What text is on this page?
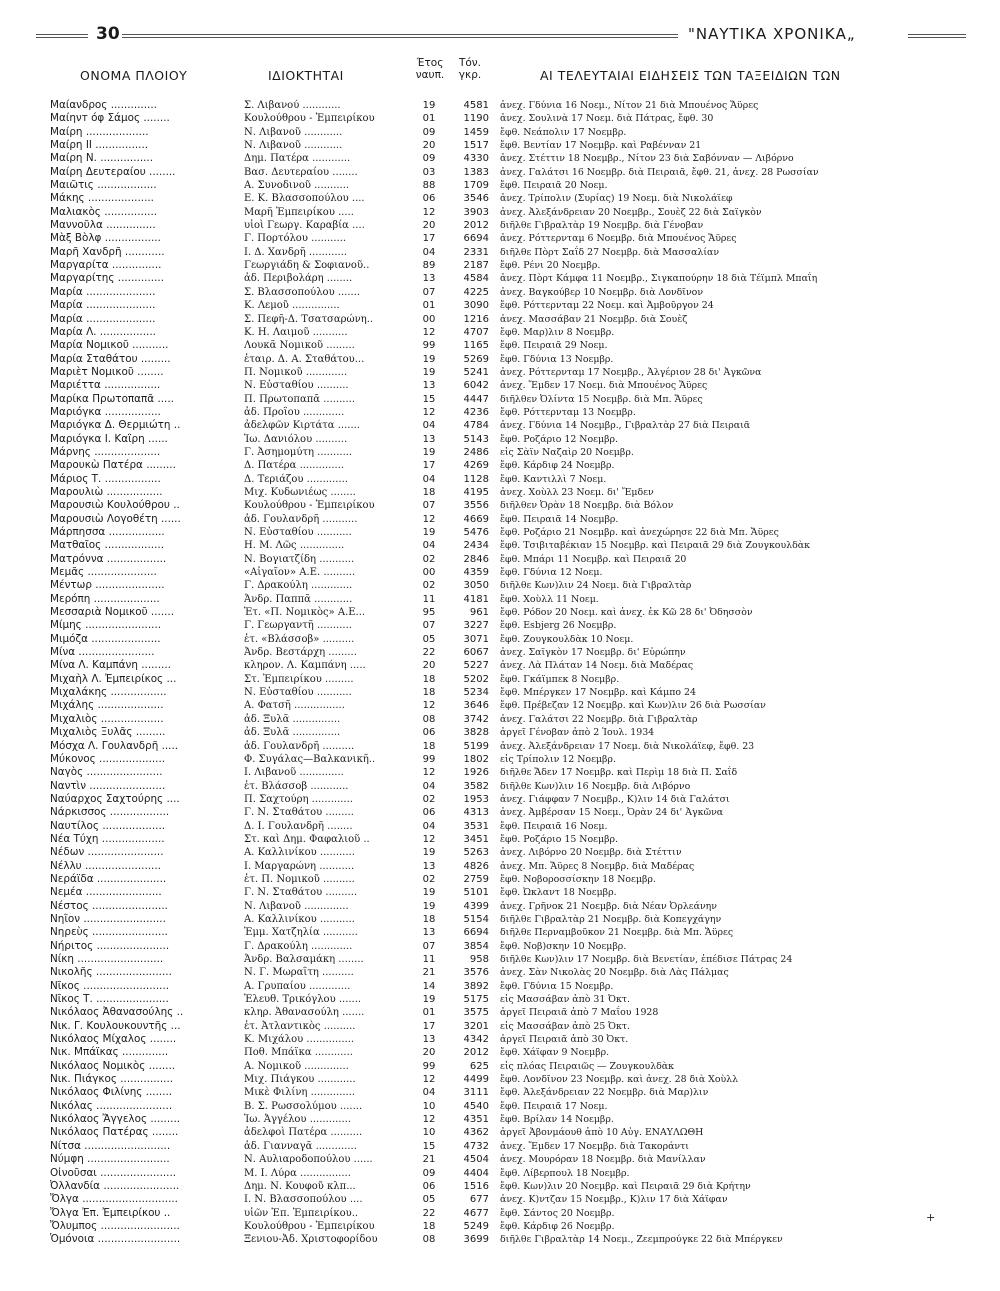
30	"ΝΑΥΤΙΚΑ ΧΡΟΝΙΚΑ„
ΟΝΟΜΑ ΠΛΟΙΟΥ	ΙΔΙΟΚΤΗΤΑΙ
Έτος
ναυπ.
Τόν.
γκρ.	ΑΙ ΤΕΛΕΥΤΑΙΑΙ ΕΙΔΗΣΕΙΣ ΤΩΝ ΤΑΞΕΙΔΙΩΝ ΤΩΝ
Μαίανδρος ..............	Σ. Λιβανού ............	19	4581 ἀνεχ. Γδύνια 16 Νοεμ., Νίτον 21 διὰ Μπουένος Ἄϋρες
Μαίηνт όφ Σάμος ........	Κουλούθρου - Ἐμπειρίκου	01	1190 ἀνεχ. Σουλινὰ 17 Νοεμ. διὰ Πάτρας, ἔφθ. 30
Μαίρη ...................	Ν. Λιβανοῦ ............	09	1459 ἔφθ. Νεάπολιν 17 Νοεμβρ.
Μαίρη ΙΙ ................	Ν. Λιβανοῦ ............	20	1517 ἔφθ. Βεντίαν 17 Νοεμβρ. καὶ Ραβένναν 21
Μαίρη Ν. ................	Δημ. Πατέρα ............	09	4330 ἀνεχ. Στέττιν 18 Νοεμβρ., Νίτον 23 διὰ Σαβόνναν — Λιβόρνο
Μαίρη Δευτεραίου ........	Βασ. Δευτεραίου ........	03	1383 ἀνεχ. Γαλάτσι 16 Νοεμβρ. διὰ Πειραιᾶ, ἔφθ. 21, ἀνεχ. 28 Ρωσσίαν
Μαιῶτις ..................	Α. Συνοδινοῦ ...........	88	1709 ἔφθ. Πειραιᾶ 20 Νοεμ.
Μάκης ....................	Ε. Κ. Βλασσοπούλου ....	06	3546 ἀνεχ. Τρίπολιν (Συρίας) 19 Νοεμ. διὰ Νικολάϊεφ
Μαλιακὸς ................	Μαρῆ Ἐμπειρίκου .....	12	3903 ἀνεχ. Ἀλεξάνδρειαν 20 Νοεμβρ., Σουὲζ 22 διὰ Σαϊγκὸν
Μαννοῦλα ...............	υἱοὶ Γεωργ. Καραβία ....	20	2012 διῆλθε Γιβραλτὰρ 19 Νοεμβρ. διὰ Γένοβαν
Μὰξ Βὸλφ .................	Γ. Πορτόλου ...........	17	6694 ἀνεχ. Ρόττερνταμ 6 Νοεμβρ. διὰ Μπουένος Ἄϋρες
Μαρῆ Χανδρῆ ............	Ι. Δ. Χανδρῆ ............	04	2331 διῆλθε Πὸρτ Σαΐδ 27 Νοεμβρ. διὰ Μασσαλίαν
Μαργαρίτα ...............	Γεωργιάδη & Σοφιανοῦ..	89	2187 ἔφθ. Ρένι 20 Νοεμβρ.
Μαργαρίτης ..............	ἀδ. Περιβολάρη ........	13	4584 ἀνεχ. Πὸρτ Κάμφα 11 Νοεμβρ., Σιγκαπούρην 18 διὰ Τέϊμπλ Μπαΐη
Μαρία .....................	Σ. Βλασσοπούλου .......	07	4225 ἀνεχ. Βαγκούβερ 10 Νοεμβρ. διὰ Λονδῖνον
Μαρία .....................	Κ. Λεμοῦ ...............	01	3090 ἔφθ. Ρόττερνταμ 22 Νοεμ. καὶ Ἀμβοῦργον 24
Μαρία .....................	Σ. Πεφῆ-Δ. Τσατσαρώνη..	00	1216 ἀνεχ. Μασσάβαν 21 Νοεμβρ. διὰ Σουὲζ
Μαρία Λ. .................	Κ. Η. Λαιμοῦ ...........	12	4707 ἔφθ. Μαρ)λιν 8 Νοεμβρ.
Μαρία Νομικοῦ ...........	Λουκᾶ Νομικοῦ .........	99	1165 ἔφθ. Πειραιᾶ 29 Νοεμ.
Μαρία Σταθάτου .........	ἑταιρ. Δ. Α. Σταθάτου...	19	5269 ἔφθ. Γδύνια 13 Νοεμβρ.
Μαριὲτ Νομικοῦ ........	Π. Νομικοῦ .............	19	5241 ἀνεχ. Ρόττερνταμ 17 Νοεμβρ., Ἀλγέριον 28 δι' Ἀγκῶνα
Μαριέττα .................	Ν. Εὐσταθίου ..........	13	6042 ἀνεχ. Ἔμδεν 17 Νοεμ. διὰ Μπουένος Ἄϋρες
Μαρίκα Πρωτοπαπᾶ .....	Π. Πρωτοπαπᾶ ..........	15	4447 διῆλθεν Ὀλίντα 15 Νοεμβρ. διὰ Μπ. Ἄϋρες
Μαριόγκα .................	ἀδ. Προΐου .............	12	4236 ἔφθ. Ρόττερνταμ 13 Νοεμβρ.
Μαριόγκα Δ. Θερμιώτη ..	ἀδελφῶν Κιρτάτα .......	04	4784 ἀνεχ. Γδύνια 14 Νοεμβρ., Γιβραλτὰρ 27 διὰ Πειραιᾶ
Μαριόγκα Ι. Καΐρη ......	Ἰω. Δανιόλου ..........	13	5143 ἔφθ. Ροζάριο 12 Νοεμβρ.
Μάρνης ....................	Γ. Ἀσημομύτη ...........	19	2486 εἰς Σὰϊν Ναζαὶρ 20 Νοεμβρ.
Μαρουκὼ Πατέρα .........	Δ. Πατέρα ..............	17	4269 ἔφθ. Κάρδιφ 24 Νοεμβρ.
Μάριος Τ. .................	Δ. Τεριάζου .............	04	1128 ἔφθ. Καντιλλὶ 7 Νοεμ.
Μαρουλιὼ .................	Μιχ. Κυδωνιέως ........	18	4195 ἀνεχ. Χοὺλλ 23 Νοεμ. δι' Ἔμδεν
Μαρουσιὼ Κουλούθρου ..	Κουλούθρου - Ἐμπειρίκου	07	3556 διῆλθεν Ὀρὰν 18 Νοεμβρ. διὰ Βόλον
Μαρουσιὼ Λογοθέτη ......	ἀδ. Γουλανδρῆ ...........	12	4669 ἔφθ. Πειραιᾶ 14 Νοεμβρ.
Μάρπησσα .................	Ν. Εὐσταθίου ...........	19	5476 ἔφθ. Ροζάριο 21 Νοεμβρ. καὶ ἀνεχώρησε 22 διὰ Μπ. Ἄϋρες
Ματθαῖος ..................	Η. Μ. Λῶς ..............	04	2434 ἔφθ. Τσιβιταβέκιαν 15 Νοεμβρ. καὶ Πειραιᾶ 29 διὰ Ζουγκουλδὰκ
Ματρόννα ..................	Ν. Βογιατζίδη ...........	02	2846 ἔφθ. Μπάρι 11 Νοεμβρ. καὶ Πειραιᾶ 20
Μεμᾶς .....................	«Αἰγαῖον» Α.Ε. ..........	00	4359 ἔφθ. Γδύνια 12 Νοεμ.
Μέντωρ .....................	Γ. Δρακούλη .............	02	3050 διῆλθε Κων)λιν 24 Νοεμ. διὰ Γιβραλτὰρ
Μερόπη ....................	Ἀνδρ. Παππᾶ ............	11	4181 ἔφθ. Χοὺλλ 11 Νοεμ.
Μεσσαριὰ Νομικοῦ .......	Ἑτ. «Π. Νομικὸς» Α.Ε...	95	961 ἔφθ. Ρόδον 20 Νοεμ. καὶ ἀνεχ. ἐκ Κῶ 28 δι' Ὀδησσὸν
Μίμης .......................	Γ. Γεωργαντῆ ...........	07	3227 ἔφθ. Esbjerg 26 Νοεμβρ.
Μιμόζα .....................	ἑτ. «Βλάσσοβ» ..........	05	3071 ἔφθ. Ζουγκουλδὰκ 10 Νοεμ.
Μίνα .......................	Ἀνδρ. Βεστάρχη .........	22	6067 ἀνεχ. Σαϊγκὸν 17 Νοεμβρ. δι' Εὐρώπην
Μίνα Λ. Καμπάνη .........	κληρον. Λ. Καμπάνη .....	20	5227 ἀνεχ. Λὰ Πλάταν 14 Νοεμ. διὰ Μαδέρας
Μιχαὴλ Λ. Ἐμπειρίκος ...	Στ. Ἐμπειρίκου .........	18	5202 ἔφθ. Γκάϊμπεκ 8 Νοεμβρ.
Μιχαλάκης .................	Ν. Εὐσταθίου ...........	18	5234 ἔφθ. Μπέργκεν 17 Νοεμβρ. καὶ Κάμπο 24
Μιχάλης ....................	Α. Φατσῆ ................	12	3646 ἔφθ. Πρέβεζαν 12 Νοεμβρ. καὶ Κων)λιν 26 διὰ Ρωσσίαν
Μιχαλιὸς ...................	ἀδ. Ξυλᾶ ...............	08	3742 ἀνεχ. Γαλάτσι 22 Νοεμβρ. διὰ Γιβραλτὰρ
Μιχαλιὸς Ξυλᾶς .........	ἀδ. Ξυλᾶ ...............	06	3828 ἀργεῖ Γένοβαν ἀπὸ 2 Ἰουλ. 1934
Μόσχα Λ. Γουλανδρῆ .....	ἀδ. Γουλανδρῆ ..........	18	5199 ἀνεχ. Ἀλεξάνδρειαν 17 Νοεμ. διὰ Νικολάϊεφ, ἔφθ. 23
Μύκονος ....................	Φ. Συγάλας—Βαλκανικῆ..	99	1802 εἰς Τρίπολιν 12 Νοεμβρ.
Ναγὸς .......................	Ι. Λιβανοῦ ..............	12	1926 διῆλθε Ἄδεν 17 Νοεμβρ. καὶ Περὶμ 18 διὰ Π. Σαΐδ
Ναντὶν .......................	ἑτ. Βλάσσοβ ............	04	3582 διῆλθε Κων)λιν 16 Νοεμβρ. διὰ Λιβόρνο
Ναύαρχος Σαχτούρης ....	Π. Σαχτούρη .............	02	1953 ἀνεχ. Γιάφφαν 7 Νοεμβρ., Κ)λιν 14 διὰ Γαλάτσι
Νάρκισσος ..................	Γ. Ν. Σταθάτου .........	06	4313 ἀνεχ. Ἀμβέρσαν 15 Νοεμ., Ὀρὰν 24 δι' Ἀγκῶνα
Ναυτίλος ...................	Δ. Ι. Γουλανδρῆ ........	04	3531 ἔφθ. Πειραιᾶ 16 Νοεμ.
Νέα Τύχη ...................	Στ. καὶ Δημ. Φαφαλιοῦ ..	12	3451 ἔφθ. Ροζάριο 15 Νοεμβρ.
Νέδων .......................	Α. Καλλινίκου ...........	19	5263 ἀνεχ. Λιβόρνο 20 Νοεμβρ. διὰ Στέττιν
Νέλλυ .......................	Ι. Μαργαρώνη ...........	13	4826 ἀνεχ. Μπ. Ἄϋρες 8 Νοεμβρ. διὰ Μαδέρας
Νεράϊδα .....................	ἑτ. Π. Νομικοῦ ..........	02	2759 ἔφθ. Νοβοροσσίσκην 18 Νοεμβρ.
Νεμέα .......................	Γ. Ν. Σταθάτου ..........	19	5101 ἔφθ. Ὠκλαντ 18 Νοεμβρ.
Νέστος .......................	Ν. Λιβανοῦ ..............	19	4399 ἀνεχ. Γρῆνοκ 21 Νοεμβρ. διὰ Νέαν Ὀρλεάνην
Νηΐον .........................	Α. Καλλινίκου ...........	18	5154 διῆλθε Γιβραλτὰρ 21 Νοεμβρ. διὰ Κοπεγχάγην
Νηρεὺς .......................	Ἐμμ. Χατζηλία ...........	13	6694 διῆλθε Περναμβοῦκον 21 Νοεμβρ. διὰ Μπ. Ἄϋρες
Νήριτος ......................	Γ. Δρακούλη .............	07	3854 ἔφθ. Νοβ)σκην 10 Νοεμβρ.
Νίκη ..........................	Ἀνδρ. Βαλσαμάκη ........	11	958 διῆλθε Κων)λιν 17 Νοεμβρ. διὰ Βενετίαν, ἐπέδισε Πάτρας 24
Νικολῆς .......................	Ν. Γ. Μωραΐτη ..........	21	3576 ἀνεχ. Σὰν Νικολὰς 20 Νοεμβρ. διὰ Λὰς Πάλμας
Νῖκος ..........................	Α. Γρυπαίου .............	14	3892 ἔφθ. Γδύνια 15 Νοεμβρ.
Νῖκος Τ. ......................	Ἐλευθ. Τρικόγλου .......	19	5175 εἰς Μασσάβαν ἀπὸ 31 Ὀκτ.
Νικόλαος Ἀθανασούλης ..	κληρ. Ἀθανασούλη .......	01	3575 ἀργεῖ Πειραιᾶ ἀπὸ 7 Μαΐου 1928
Νικ. Γ. Κουλουκουντῆς ...	ἑτ. Ἀτλαντικὸς ..........	17	3201 εἰς Μασσάβαν ἀπὸ 25 Ὀκτ.
Νικόλαος Μίχαλος ........	Κ. Μιχάλου ...............	13	4342 ἀργεῖ Πειραιᾶ ἀπὸ 30 Ὀκτ.
Νικ. Μπάϊκας ..............	Ποθ. Μπάϊκα ............	20	2012 ἔφθ. Χάϊφαν 9 Νοεμβρ.
Νικόλαος Νομικὸς ........	Α. Νομικοῦ ..............	99	625 εἰς πλόας Πειραιῶς — Ζουγκουλδὰκ
Νικ. Πιάγκος ................	Μιχ. Πιάγκου ............	12	4499 ἔφθ. Λονδῖνον 23 Νοεμβρ. καὶ ἀνεχ. 28 διὰ Χοὺλλ
Νικόλαος Φιλίνης ........	Μικὲ Φιλίνη ..............	04	3111 ἔφθ. Ἀλεξάνδρειαν 22 Νοεμβρ. διὰ Μαρ)λιν
Νικόλας .......................	Β. Σ. Ρωσσολύμου .......	10	4540 ἔφθ. Πειραιᾶ 17 Νοεμ.
Νικόλαος Ἄγγελος .........	Ἰω. Ἀγγέλου .............	12	4351 ἔφθ. Βρίλαν 14 Νοεμβρ.
Νικόλαος Πατέρας ........	ἀδελφοὶ Πατέρα ..........	10	4362 ἀργεῖ Ἀβονμάουθ ἀπὸ 10 Αὐγ. ΕΝΑΥΛΩΘΗ
Νίτσα ..........................	ἀδ. Γιανναγᾶ .............	15	4732 ἀνεχ. Ἔμδεν 17 Νοεμβρ. διὰ Τακοράντι
Νύμφη .........................	Ν. Αυλιαροδοπούλου ......	21	4504 ἀνεχ. Μουρόραν 18 Νοεμβρ. διὰ Μανίλλαν
Οἰνοῦσαι .......................	Μ. Ι. Λύρα ................	09	4404 ἔφθ. Λίβερπουλ 18 Νοεμβρ.
Ὀλλανδία .......................	Δημ. Ν. Κουφοῦ κλπ...	06	1516 ἔφθ. Κων)λιν 20 Νοεμβρ. καὶ Πειραιᾶ 29 διὰ Κρήτην
Ὄλγα .............................	Ι. Ν. Βλασσοπούλου ....	05	677 ἀνεχ. Κ)ντζαν 15 Νοεμβρ., Κ)λιν 17 διὰ Χάϊφαν
Ὄλγα Ἐπ. Ἐμπειρίκου ..	υἱῶν Ἐπ. Ἐμπειρίκου..	22	4677 ἔφθ. Σάντος 20 Νοεμβρ.
Ὄλυμπος ........................	Κουλούθρου - Ἐμπειρίκου	18	5249 ἔφθ. Κάρδιφ 26 Νοεμβρ.
Ὁμόνοια .........................	Ξενιου-Ἀδ. Χριστοφορίδου	08	3699 διῆλθε Γιβραλτὰρ 14 Νοεμ., Ζεεμπρούγκε 22 διὰ Μπέργκεν
+
